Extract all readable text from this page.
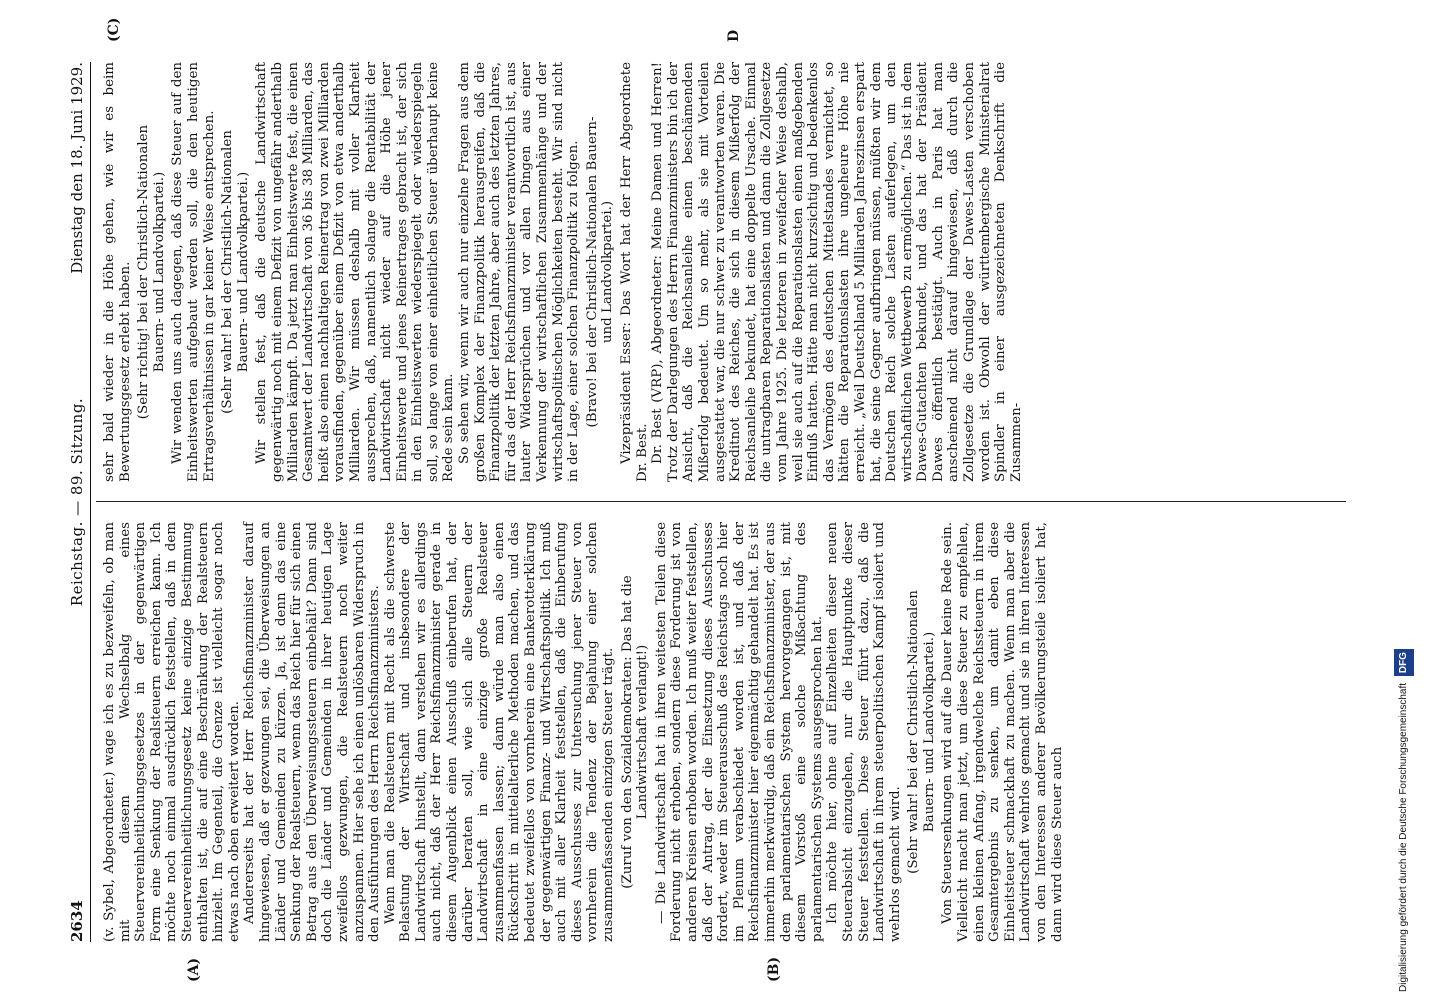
2634
Reichstag. — 89. Sitzung.
Dienstag den 18. Juni 1929.
(A)	(B)
(C)	D

(v. Sybel, Abgeordneter.) wage ich es zu bezweifeln, ob man mit diesem Wechselbalg eines Steuervereinheitlichungsgesetzes in der gegenwärtigen Form eine Senkung der Realsteuern erreichen kann. Ich möchte noch einmal ausdrücklich feststellen, daß in dem Steuervereinheitlichungsgesetz keine einzige Bestimmung enthalten ist, die auf eine Beschränkung der Realsteuern hinzielt. Im Gegenteil, die Grenze ist vielleicht sogar noch etwas nach oben erweitert worden. Andererseits hat der Herr Reichsfinanzminister darauf hingewiesen, daß er gezwungen sei, die Überweisungen an Länder und Gemeinden zu kürzen. Ja, ist denn das eine Senkung der Realsteuern, wenn das Reich hier für sich einen Betrag aus den Überweisungssteuern einbehält? Dann sind doch die Länder und Gemeinden in ihrer heutigen Lage zweifellos gezwungen, die Realsteuern noch weiter anzuspannen. Hier sehe ich einen unlösbaren Widerspruch in den Ausführungen des Herrn Reichsfinanzministers. Wenn man die Realsteuern mit Recht als die schwerste Belastung der Wirtschaft und insbesondere der Landwirtschaft hinstellt, dann verstehen wir es allerdings auch nicht, daß der Herr Reichsfinanzminister gerade in diesem Augenblick einen Ausschuß einberufen hat, der darüber beraten soll, wie sich alle Steuern der Landwirtschaft in eine einzige große Realsteuer zusammenfassen lassen; dann würde man also einen Rückschritt in mittelalterliche Methoden machen, und das bedeutet zweifellos von vornherein eine Bankerotterklärung der gegenwärtigen Finanz- und Wirtschaftspolitik. Ich muß auch mit aller Klarheit feststellen, daß die Einberufung dieses Ausschusses zur Untersuchung jener Steuer von vornherein die Tendenz der Bejahung einer solchen zusammenfassenden einzigen Steuer trägt. (Zuruf von den Sozialdemokraten: Das hat die Landwirtschaft verlangt!) — Die Landwirtschaft hat in ihren weitesten Teilen diese Forderung nicht erhoben, sondern diese Forderung ist von anderen Kreisen erhoben worden. Ich muß weiter feststellen, daß der Antrag, der die Einsetzung dieses Ausschusses fordert, weder im Steuerausschuß des Reichstags noch hier im Plenum verabschiedet worden ist, und daß der Reichsfinanzminister hier eigenmächtig gehandelt hat. Es ist immerhin merkwürdig, daß ein Reichsfinanzminister, der aus dem parlamentarischen System hervorgegangen ist, mit diesem Vorstoß eine solche Mißachtung des parlamentarischen Systems ausgesprochen hat. Ich möchte hier, ohne auf Einzelheiten dieser neuen Steuerabsicht einzugehen, nur die Hauptpunkte dieser Steuer feststellen. Diese Steuer führt dazu, daß die Landwirtschaft in ihrem steuerpolitischen Kampf isoliert und wehrlos gemacht wird. (Sehr wahr! bei der Christlich-Nationalen Bauern- und Landvolkpartei.) Von Steuersenkungen wird auf die Dauer keine Rede sein. Vielleicht macht man jetzt, um diese Steuer zu empfehlen, einen kleinen Anfang, irgendwelche Reichssteuern in ihrem Gesamtergebnis zu senken, um damit eben diese Einheitsteuer schmackhaft zu machen. Wenn man aber die Landwirtschaft wehrlos gemacht und sie in ihren Interessen von den Interessen anderer Bevölkerungsteile isoliert hat, dann wird diese Steuer auch

sehr bald wieder in die Höhe gehen, wie wir es beim Bewertungsgesetz erlebt haben. (Sehr richtig! bei der Christlich-Nationalen Bauern- und Landvolkpartei.) Wir wenden uns auch dagegen, daß diese Steuer auf den Einheitswerten aufgebaut werden soll, die den heutigen Ertragsverhältnissen in gar keiner Weise entsprechen. (Sehr wahr! bei der Christlich-Nationalen Bauern- und Landvolkpartei.) Wir stellen fest, daß die deutsche Landwirtschaft gegenwärtig noch mit einem Defizit von ungefähr anderthalb Milliarden kämpft. Da jetzt man Einheitswerte fest, die einen Gesamtwert der Landwirtschaft von 36 bis 38 Milliarden, das heißt also einen nachhaltigen Reinertrag von zwei Milliarden vorausfinden, gegenüber einem Defizit von etwa anderthalb Milliarden. Wir müssen deshalb mit voller Klarheit aussprechen, daß, namentlich solange die Rentabilität der Landwirtschaft nicht wieder auf die Höhe jener Einheitswerte und jenes Reinertrages gebracht ist, der sich in den Einheitswerten wiederspiegelt oder wiederspiegeln soll, so lange von einer einheitlichen Steuer überhaupt keine Rede sein kann. So sehen wir, wenn wir auch nur einzelne Fragen aus dem großen Komplex der Finanzpolitik herausgreifen, daß die Finanzpolitik der letzten Jahre, aber auch des letzten Jahres, für das der Herr Reichsfinanzminister verantwortlich ist, aus lauter Widersprüchen und vor allen Dingen aus einer Verkennung der wirtschaftlichen Zusammenhänge und der wirtschaftspolitischen Möglichkeiten besteht. Wir sind nicht in der Lage, einer solchen Finanzpolitik zu folgen. (Bravo! bei der Christlich-Nationalen Bauern- und Landvolkpartei.) Vizepräsident Esser: Das Wort hat der Herr Abgeordnete Dr. Best. Dr. Best (VRP), Abgeordneter: Meine Damen und Herren! Trotz der Darlegungen des Herrn Finanzministers bin ich der Ansicht, daß die Reichsanleihe einen beschämenden Mißerfolg bedeutet. Um so mehr, als sie mit Vorteilen ausgestattet war, die nur schwer zu verantworten waren. Die Kreditnot des Reiches, die sich in diesem Mißerfolg der Reichsanleihe bekundet, hat eine doppelte Ursache. Einmal die untragbaren Reparationslasten und dann die Zollgesetze vom Jahre 1925. Die letzteren in zweifacher Weise deshalb, weil sie auch auf die Reparationslasten einen maßgebenden Einfluß hatten. Hätte man nicht kurzsichtig und bedenkenlos das Vermögen des deutschen Mittelstandes vernichtet, so hätten die Reparationslasten ihre ungeheure Höhe nie erreicht. „Weil Deutschland 5 Milliarden Jahreszinsen erspart hat, die seine Gegner aufbringen müssen, müßten wir dem Deutschen Reich solche Lasten auferlegen, um den wirtschaftlichen Wettbewerb zu ermöglichen.“ Das ist in dem Dawes-Gutachten bekundet, und das hat der Präsident Dawes öffentlich bestätigt. Auch in Paris hat man anscheinend nicht darauf hingewiesen, daß durch die Zollgesetze die Grundlage der Dawes-Lasten verschoben worden ist. Obwohl der württembergische Ministerialrat Spindler in einer ausgezeichneten Denkschrift die Zusammen-

Digitalisierung gefördert durch die Deutsche Forschungsgemeinschaft DFG
